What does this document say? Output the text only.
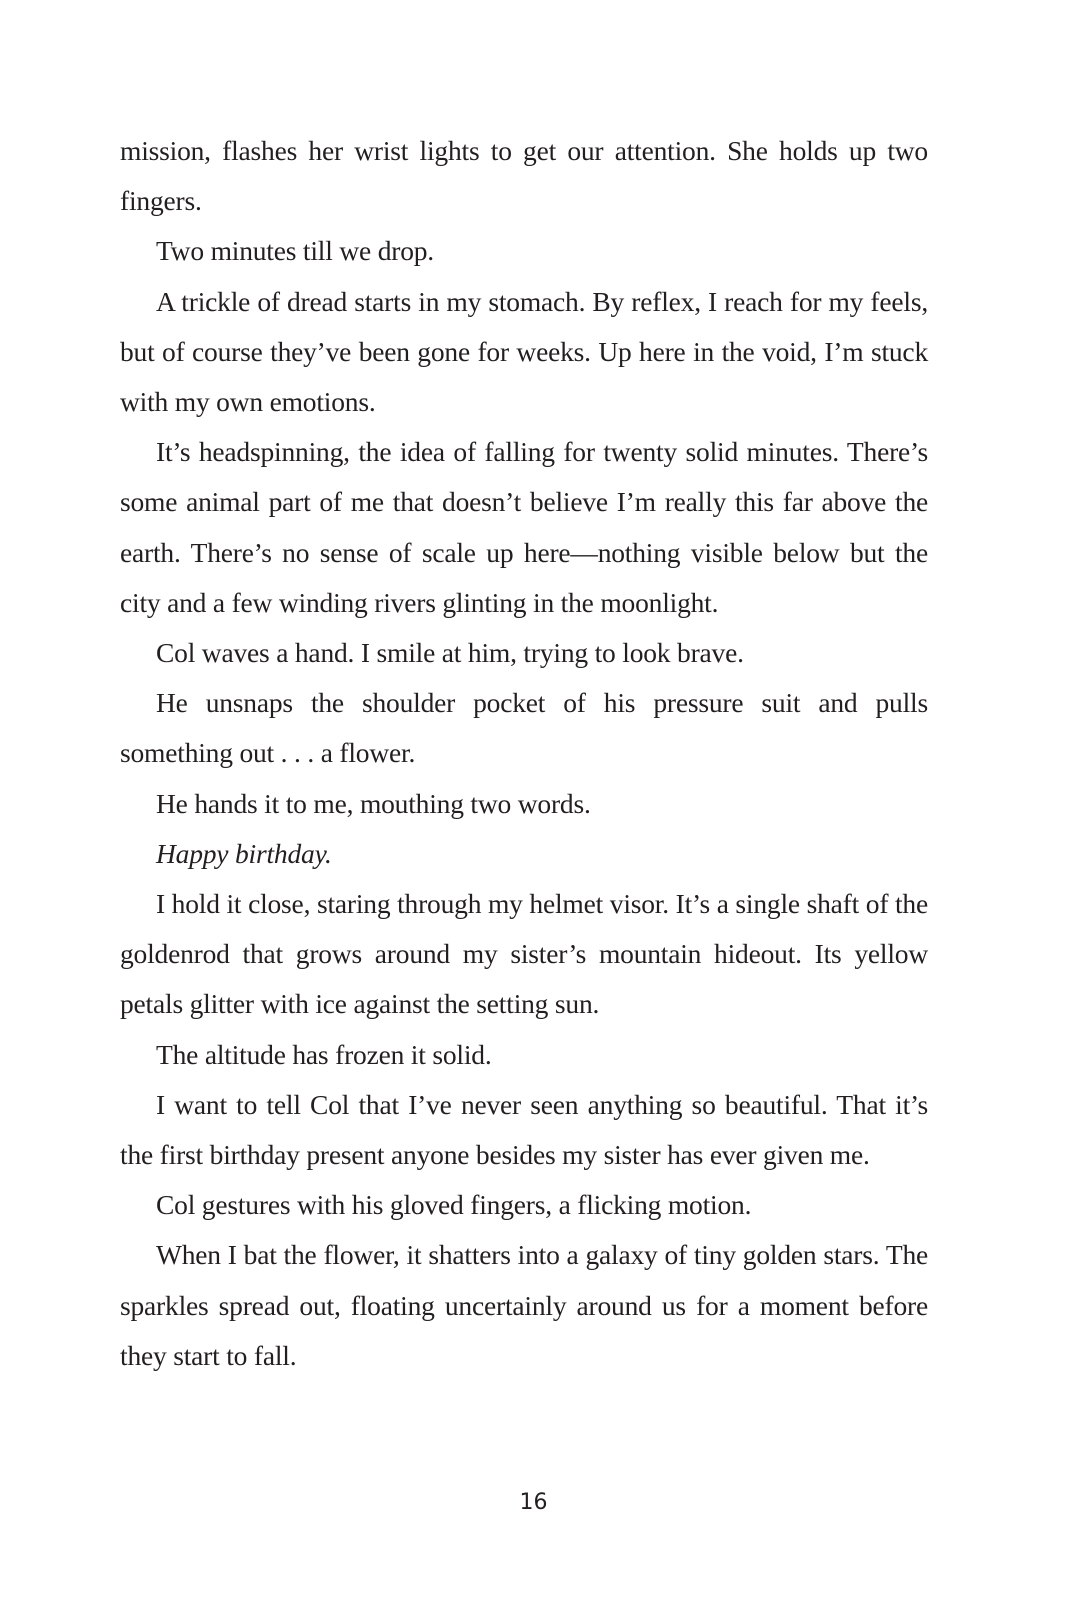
mission, flashes her wrist lights to get our attention. She holds up two fingers.

Two minutes till we drop.

A trickle of dread starts in my stomach. By reflex, I reach for my feels, but of course they’ve been gone for weeks. Up here in the void, I’m stuck with my own emotions.

It’s headspinning, the idea of falling for twenty solid minutes. There’s some animal part of me that doesn’t believe I’m really this far above the earth. There’s no sense of scale up here—nothing visible below but the city and a few winding rivers glinting in the moonlight.

Col waves a hand. I smile at him, trying to look brave.

He unsnaps the shoulder pocket of his pressure suit and pulls something out . . . a flower.

He hands it to me, mouthing two words.

Happy birthday.

I hold it close, staring through my helmet visor. It’s a single shaft of the goldenrod that grows around my sister’s mountain hideout. Its yellow petals glitter with ice against the setting sun.

The altitude has frozen it solid.

I want to tell Col that I’ve never seen anything so beautiful. That it’s the first birthday present anyone besides my sister has ever given me.

Col gestures with his gloved fingers, a flicking motion.

When I bat the flower, it shatters into a galaxy of tiny golden stars. The sparkles spread out, floating uncertainly around us for a moment before they start to fall.

16
